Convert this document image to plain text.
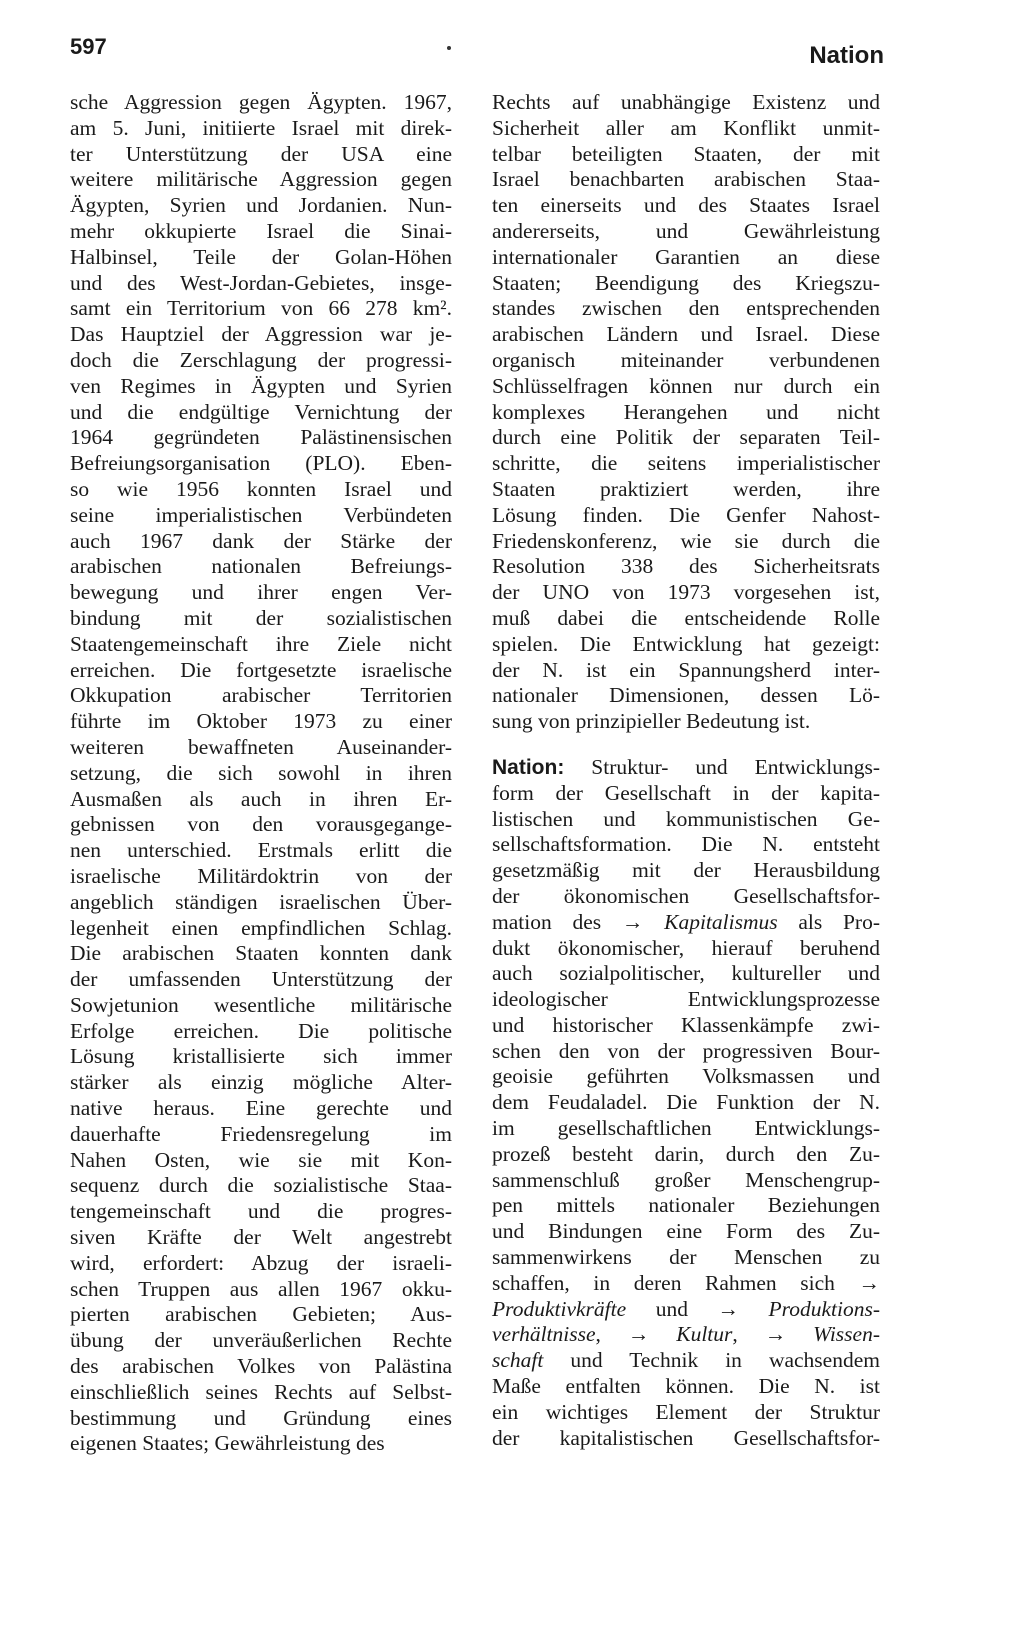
597	Nation
sche Aggression gegen Ägypten. 1967,
am 5. Juni, initiierte Israel mit direk-
ter Unterstützung der USA eine
weitere militärische Aggression gegen
Ägypten, Syrien und Jordanien. Nun-
mehr okkupierte Israel die Sinai-
Halbinsel, Teile der Golan-Höhen
und des West-Jordan-Gebietes, insge-
samt ein Territorium von 66 278 km².
Das Hauptziel der Aggression war je-
doch die Zerschlagung der progressi-
ven Regimes in Ägypten und Syrien
und die endgültige Vernichtung der
1964 gegründeten Palästinensischen
Befreiungsorganisation (PLO). Eben-
so wie 1956 konnten Israel und
seine imperialistischen Verbündeten
auch 1967 dank der Stärke der
arabischen nationalen Befreiungs-
bewegung und ihrer engen Ver-
bindung mit der sozialistischen
Staatengemeinschaft ihre Ziele nicht
erreichen. Die fortgesetzte israelische
Okkupation arabischer Territorien
führte im Oktober 1973 zu einer
weiteren bewaffneten Auseinander-
setzung, die sich sowohl in ihren
Ausmaßen als auch in ihren Er-
gebnissen von den vorausgegange-
nen unterschied. Erstmals erlitt die
israelische Militärdoktrin von der
angeblich ständigen israelischen Über-
legenheit einen empfindlichen Schlag.
Die arabischen Staaten konnten dank
der umfassenden Unterstützung der
Sowjetunion wesentliche militärische
Erfolge erreichen. Die politische
Lösung kristallisierte sich immer
stärker als einzig mögliche Alter-
native heraus. Eine gerechte und
dauerhafte Friedensregelung im
Nahen Osten, wie sie mit Kon-
sequenz durch die sozialistische Staa-
tengemeinschaft und die progres-
siven Kräfte der Welt angestrebt
wird, erfordert: Abzug der israeli-
schen Truppen aus allen 1967 okku-
pierten arabischen Gebieten; Aus-
übung der unveräußerlichen Rechte
des arabischen Volkes von Palästina
einschließlich seines Rechts auf Selbst-
bestimmung und Gründung eines
eigenen Staates; Gewährleistung des
Rechts auf unabhängige Existenz und
Sicherheit aller am Konflikt unmit-
telbar beteiligten Staaten, der mit
Israel benachbarten arabischen Staa-
ten einerseits und des Staates Israel
andererseits, und Gewährleistung
internationaler Garantien an diese
Staaten; Beendigung des Kriegszu-
standes zwischen den entsprechenden
arabischen Ländern und Israel. Diese
organisch miteinander verbundenen
Schlüsselfragen können nur durch ein
komplexes Herangehen und nicht
durch eine Politik der separaten Teil-
schritte, die seitens imperialistischer
Staaten praktiziert werden, ihre
Lösung finden. Die Genfer Nahost-
Friedenskonferenz, wie sie durch die
Resolution 338 des Sicherheitsrats
der UNO von 1973 vorgesehen ist,
muß dabei die entscheidende Rolle
spielen. Die Entwicklung hat gezeigt:
der N. ist ein Spannungsherd inter-
nationaler Dimensionen, dessen Lö-
sung von prinzipieller Bedeutung ist.
Nation: Struktur- und Entwicklungs-
form der Gesellschaft in der kapita-
listischen und kommunistischen Ge-
sellschaftsformation. Die N. entsteht
gesetzmäßig mit der Herausbildung
der ökonomischen Gesellschaftsfor-
mation des → Kapitalismus als Pro-
dukt ökonomischer, hierauf beruhend
auch sozialpolitischer, kultureller und
ideologischer Entwicklungsprozesse
und historischer Klassenkämpfe zwi-
schen den von der progressiven Bour-
geoisie geführten Volksmassen und
dem Feudaladel. Die Funktion der N.
im gesellschaftlichen Entwicklungs-
prozeß besteht darin, durch den Zu-
sammenschluß großer Menschengrup-
pen mittels nationaler Beziehungen
und Bindungen eine Form des Zu-
sammenwirkens der Menschen zu
schaffen, in deren Rahmen sich →
Produktivkräfte und → Produktions-
verhältnisse, → Kultur, → Wissen-
schaft und Technik in wachsendem
Maße entfalten können. Die N. ist
ein wichtiges Element der Struktur
der kapitalistischen Gesellschaftsfor-
